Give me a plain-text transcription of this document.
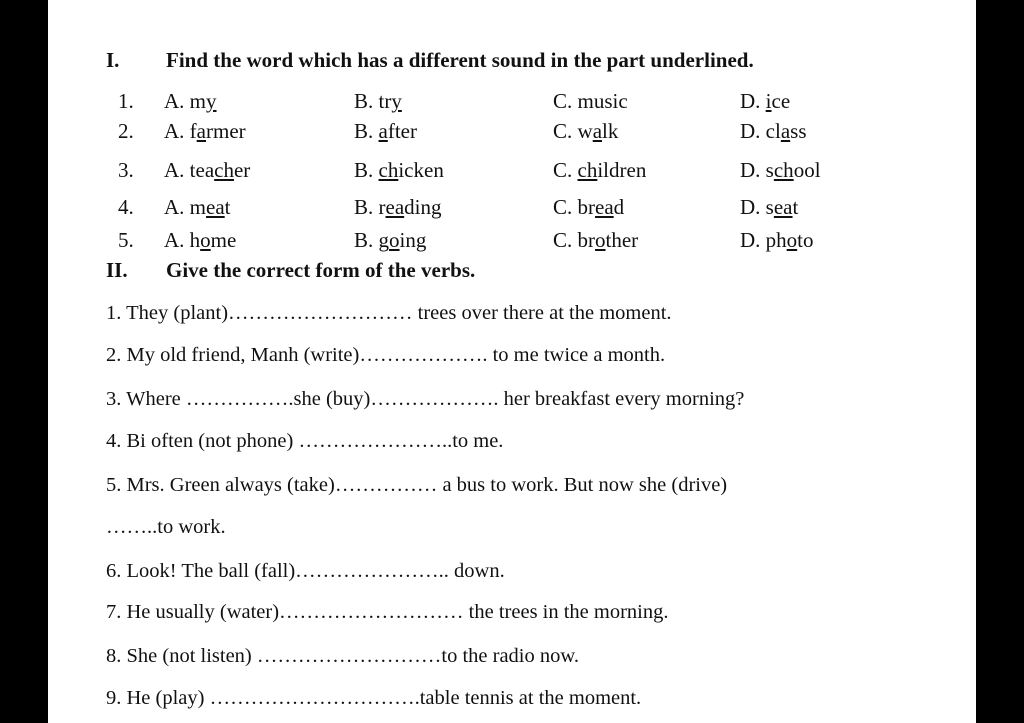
I. Find the word which has a different sound in the part underlined.
1. A. my	B. try	C. music	D. ice
2. A. farmer	B. after	C. walk	D. class
3. A. teacher	B. chicken	C. children	D. school
4. A. meat	B. reading	C. bread	D. seat
5. A. home	B. going	C. brother	D. photo
II. Give the correct form of the verbs.
1. They (plant)……………………… trees over there at the moment.
2. My old friend, Manh (write)………………. to me twice a month.
3. Where …………….she (buy)………………. her breakfast every morning?
4. Bi often (not phone) …………………..to me.
5. Mrs. Green always (take)…………… a bus to work. But now she (drive)
……..to work.
6. Look! The ball (fall)………………….. down.
7. He usually (water)……………………… the trees in the morning.
8. She (not listen) ………………………to the radio now.
9. He (play) ………………………….table tennis at the moment.
